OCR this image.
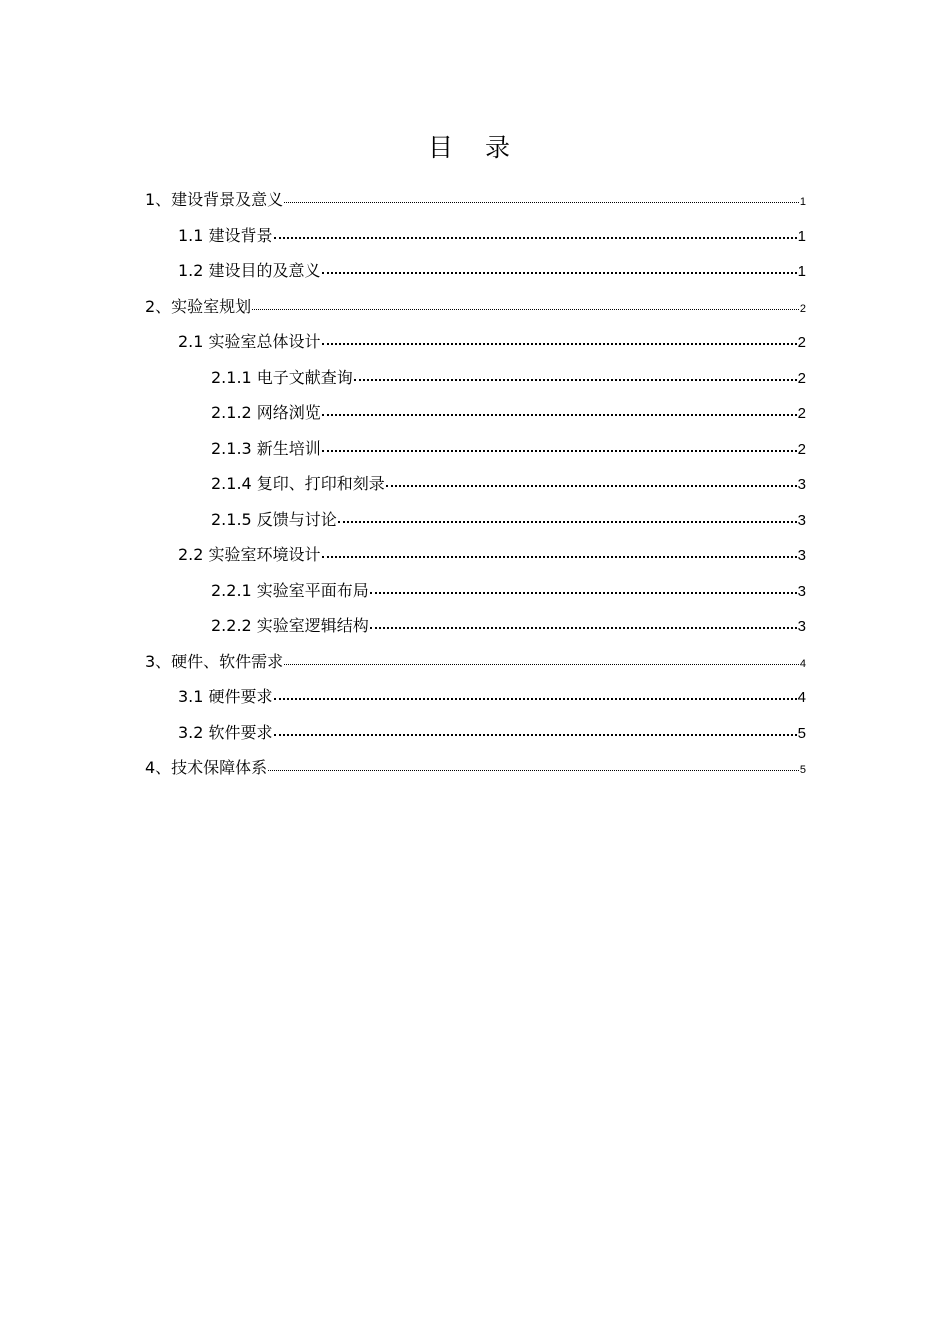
目 录
1、建设背景及意义	1
1.1 建设背景	1
1.2 建设目的及意义	1
2、实验室规划	2
2.1 实验室总体设计	2
2.1.1 电子文献查询	2
2.1.2 网络浏览	2
2.1.3 新生培训	2
2.1.4 复印、打印和刻录	3
2.1.5 反馈与讨论	3
2.2 实验室环境设计	3
2.2.1 实验室平面布局	3
2.2.2 实验室逻辑结构	3
3、硬件、软件需求	4
3.1 硬件要求	4
3.2 软件要求	5
4、技术保障体系	5
